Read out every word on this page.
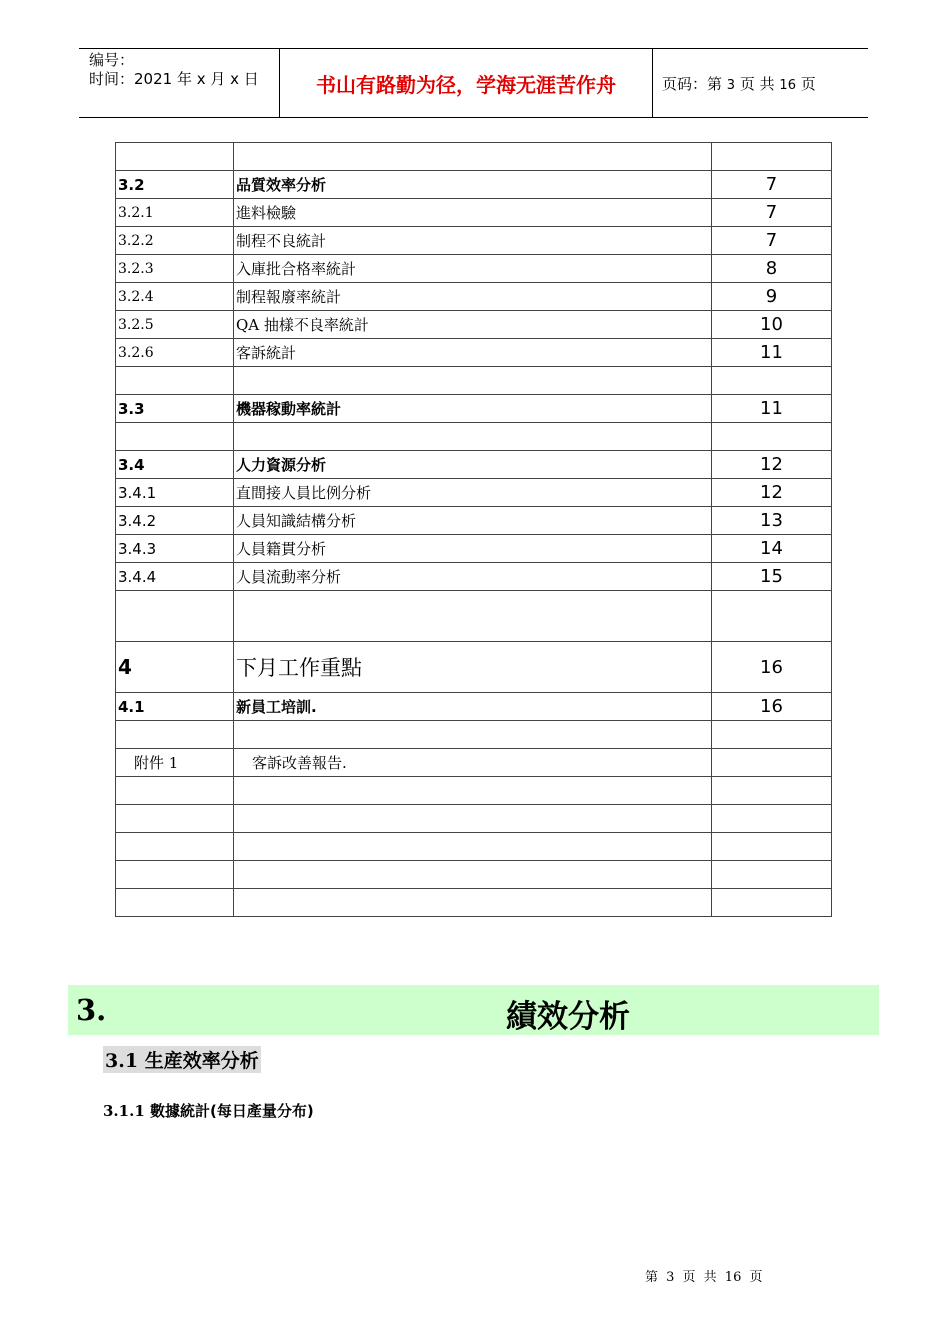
编号：
时间：2021 年 x 月 x 日	书山有路勤为径，学海无涯苦作舟	页码：第 3 页 共 16 页

3.2	品質效率分析	7
3.2.1	進料檢驗	7
3.2.2	制程不良統計	7
3.2.3	入庫批合格率統計	8
3.2.4	制程報廢率統計	9
3.2.5	QA 抽樣不良率統計	10
3.2.6	客訴統計	11

3.3	機器稼動率統計	11

3.4	人力資源分析	12
3.4.1	直間接人員比例分析	12
3.4.2	人員知識結構分析	13
3.4.3	人員籍貫分析	14
3.4.4	人員流動率分析	15

4	下月工作重點	16
4.1	新員工培訓.	16

附件 1	客訴改善報告.	

3.	績效分析
3.1 生産效率分析
3.1.1 數據統計(每日產量分布)
第 3 页 共 16 页
